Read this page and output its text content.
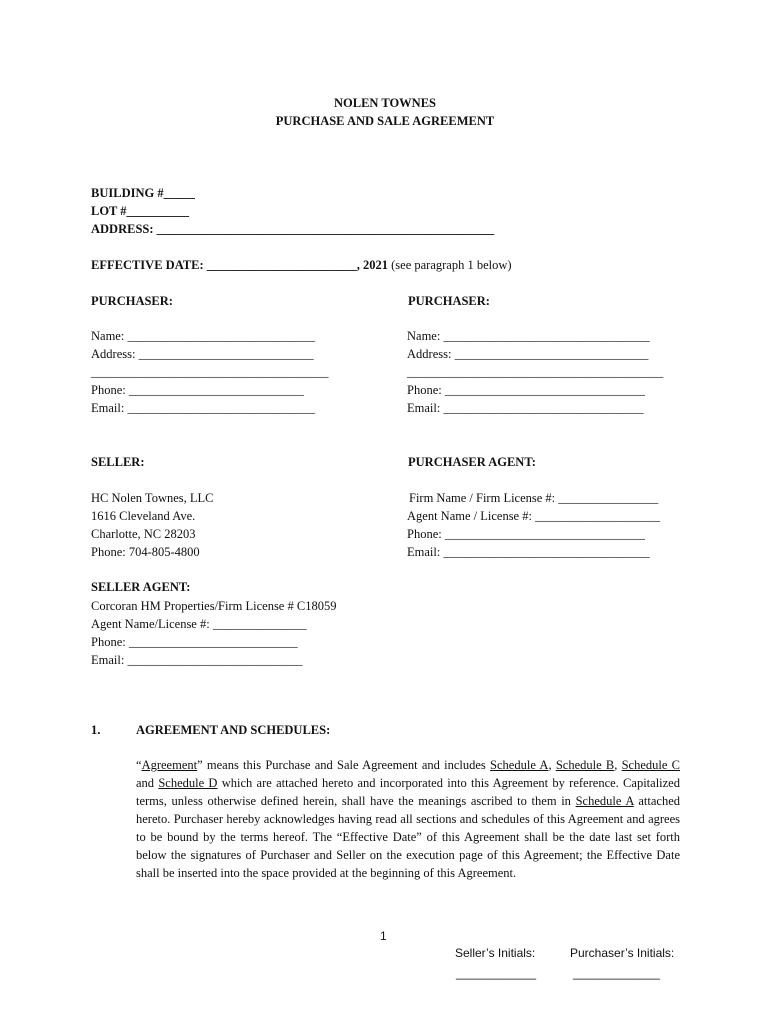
NOLEN TOWNES
PURCHASE AND SALE AGREEMENT
BUILDING #_____
LOT #__________
ADDRESS: ______________________________________________________
EFFECTIVE DATE: ________________________, 2021 (see paragraph 1 below)
PURCHASER:
Name: ______________________________
Address: ____________________________
______________________________________
Phone: ____________________________
Email: ______________________________
PURCHASER:
Name: _________________________________
Address: _______________________________
_________________________________________
Phone: ________________________________
Email: ________________________________
SELLER:
HC Nolen Townes, LLC
1616 Cleveland Ave.
Charlotte, NC 28203
Phone: 704-805-4800
PURCHASER AGENT:
Firm Name / Firm License #: ________________
Agent Name / License #: ____________________
Phone: ________________________________
Email: _________________________________
SELLER AGENT:
Corcoran HM Properties/Firm License # C18059
Agent Name/License #: _______________
Phone: ___________________________
Email: ____________________________
1.	AGREEMENT AND SCHEDULES:
“Agreement” means this Purchase and Sale Agreement and includes Schedule A, Schedule B, Schedule C and Schedule D which are attached hereto and incorporated into this Agreement by reference. Capitalized terms, unless otherwise defined herein, shall have the meanings ascribed to them in Schedule A attached hereto. Purchaser hereby acknowledges having read all sections and schedules of this Agreement and agrees to be bound by the terms hereof. The “Effective Date” of this Agreement shall be the date last set forth below the signatures of Purchaser and Seller on the execution page of this Agreement; the Effective Date shall be inserted into the space provided at the beginning of this Agreement.
1
Seller’s Initials:	Purchaser’s Initials:
____________	_____________
